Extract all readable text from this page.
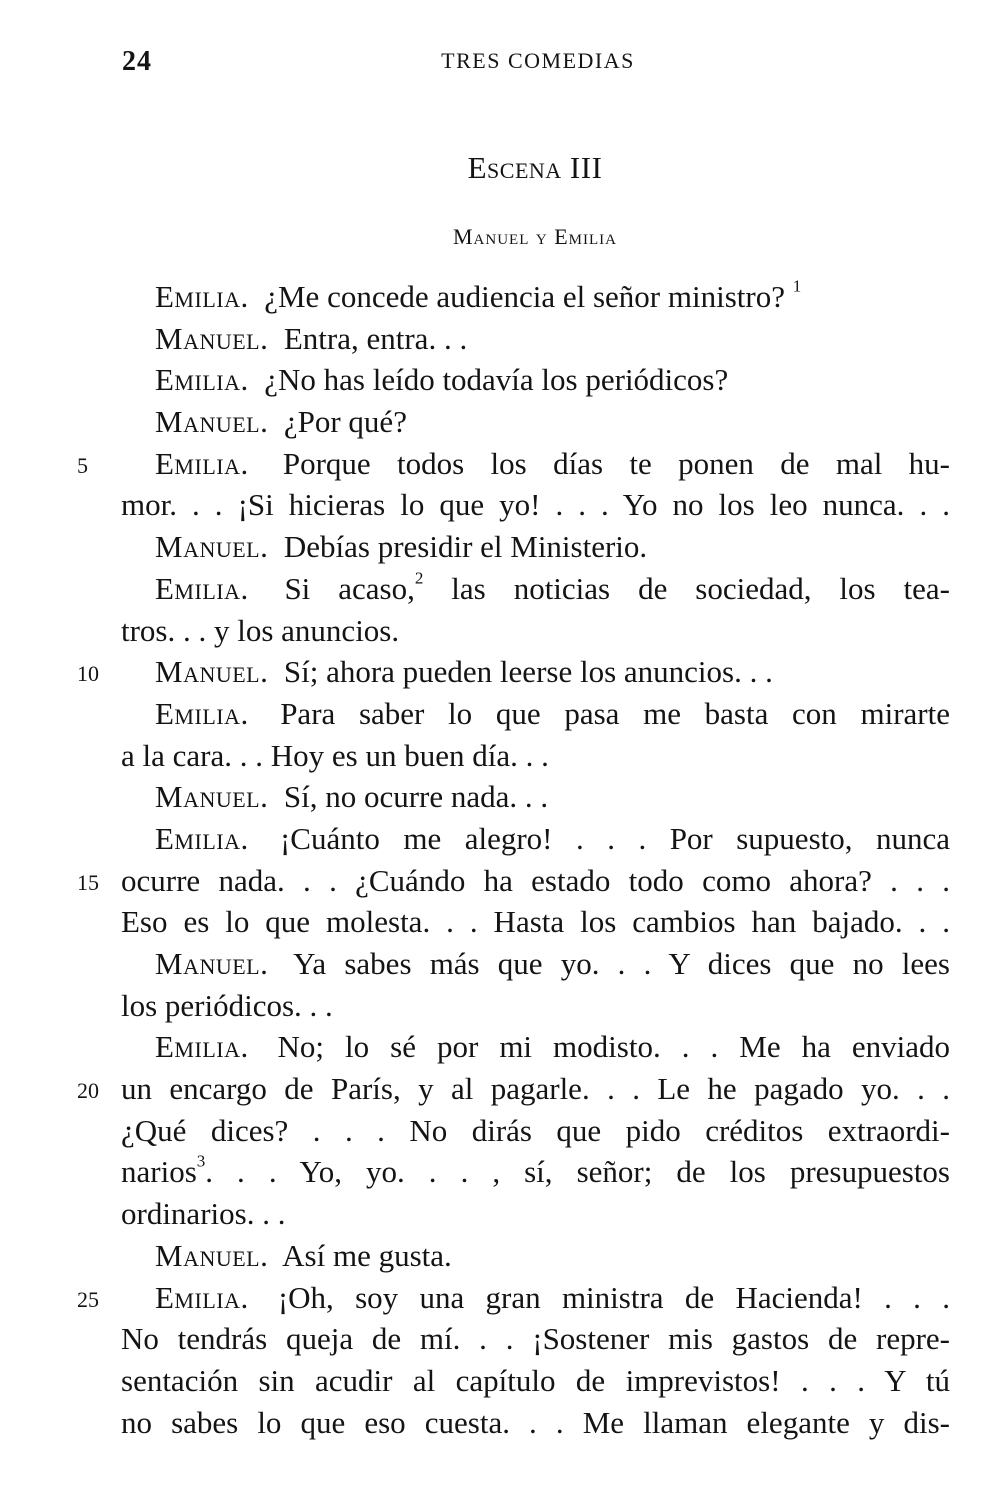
24	TRES COMEDIAS
Escena III
Manuel y Emilia
Emilia. ¿Me concede audiencia el señor ministro? $^1$
Manuel. Entra, entra. . .
Emilia. ¿No has leído todavía los periódicos?
Manuel. ¿Por qué?
5	Emilia. Porque todos los días te ponen de mal hu-
mor. . . ¡Si hicieras lo que yo! . . . Yo no los leo nunca. . .
Manuel. Debías presidir el Ministerio.
Emilia. Si acaso,$^2$ las noticias de sociedad, los tea-
tros. . . y los anuncios.
10 Manuel. Sí; ahora pueden leerse los anuncios. . .
Emilia. Para saber lo que pasa me basta con mirarte
a la cara. . . Hoy es un buen día. . .
Manuel. Sí, no ocurre nada. . .
Emilia. ¡Cuánto me alegro! . . . Por supuesto, nunca
15 ocurre nada. . . ¿Cuándo ha estado todo como ahora? . . .
Eso es lo que molesta. . . Hasta los cambios han bajado. . .
Manuel. Ya sabes más que yo. . . Y dices que no lees
los periódicos. . .
Emilia. No; lo sé por mi modisto. . . Me ha enviado
20 un encargo de París, y al pagarle. . . Le he pagado yo. . .
¿Qué dices? . . . No dirás que pido créditos extraordi-
narios$^3$. . . Yo, yo. . . , sí, señor; de los presupuestos
ordinarios. . .
Manuel. Así me gusta.
25 Emilia. ¡Oh, soy una gran ministra de Hacienda! . . .
No tendrás queja de mí. . . ¡Sostener mis gastos de repre-
sentación sin acudir al capítulo de imprevistos! . . . Y tú
no sabes lo que eso cuesta. . . Me llaman elegante y dis-
